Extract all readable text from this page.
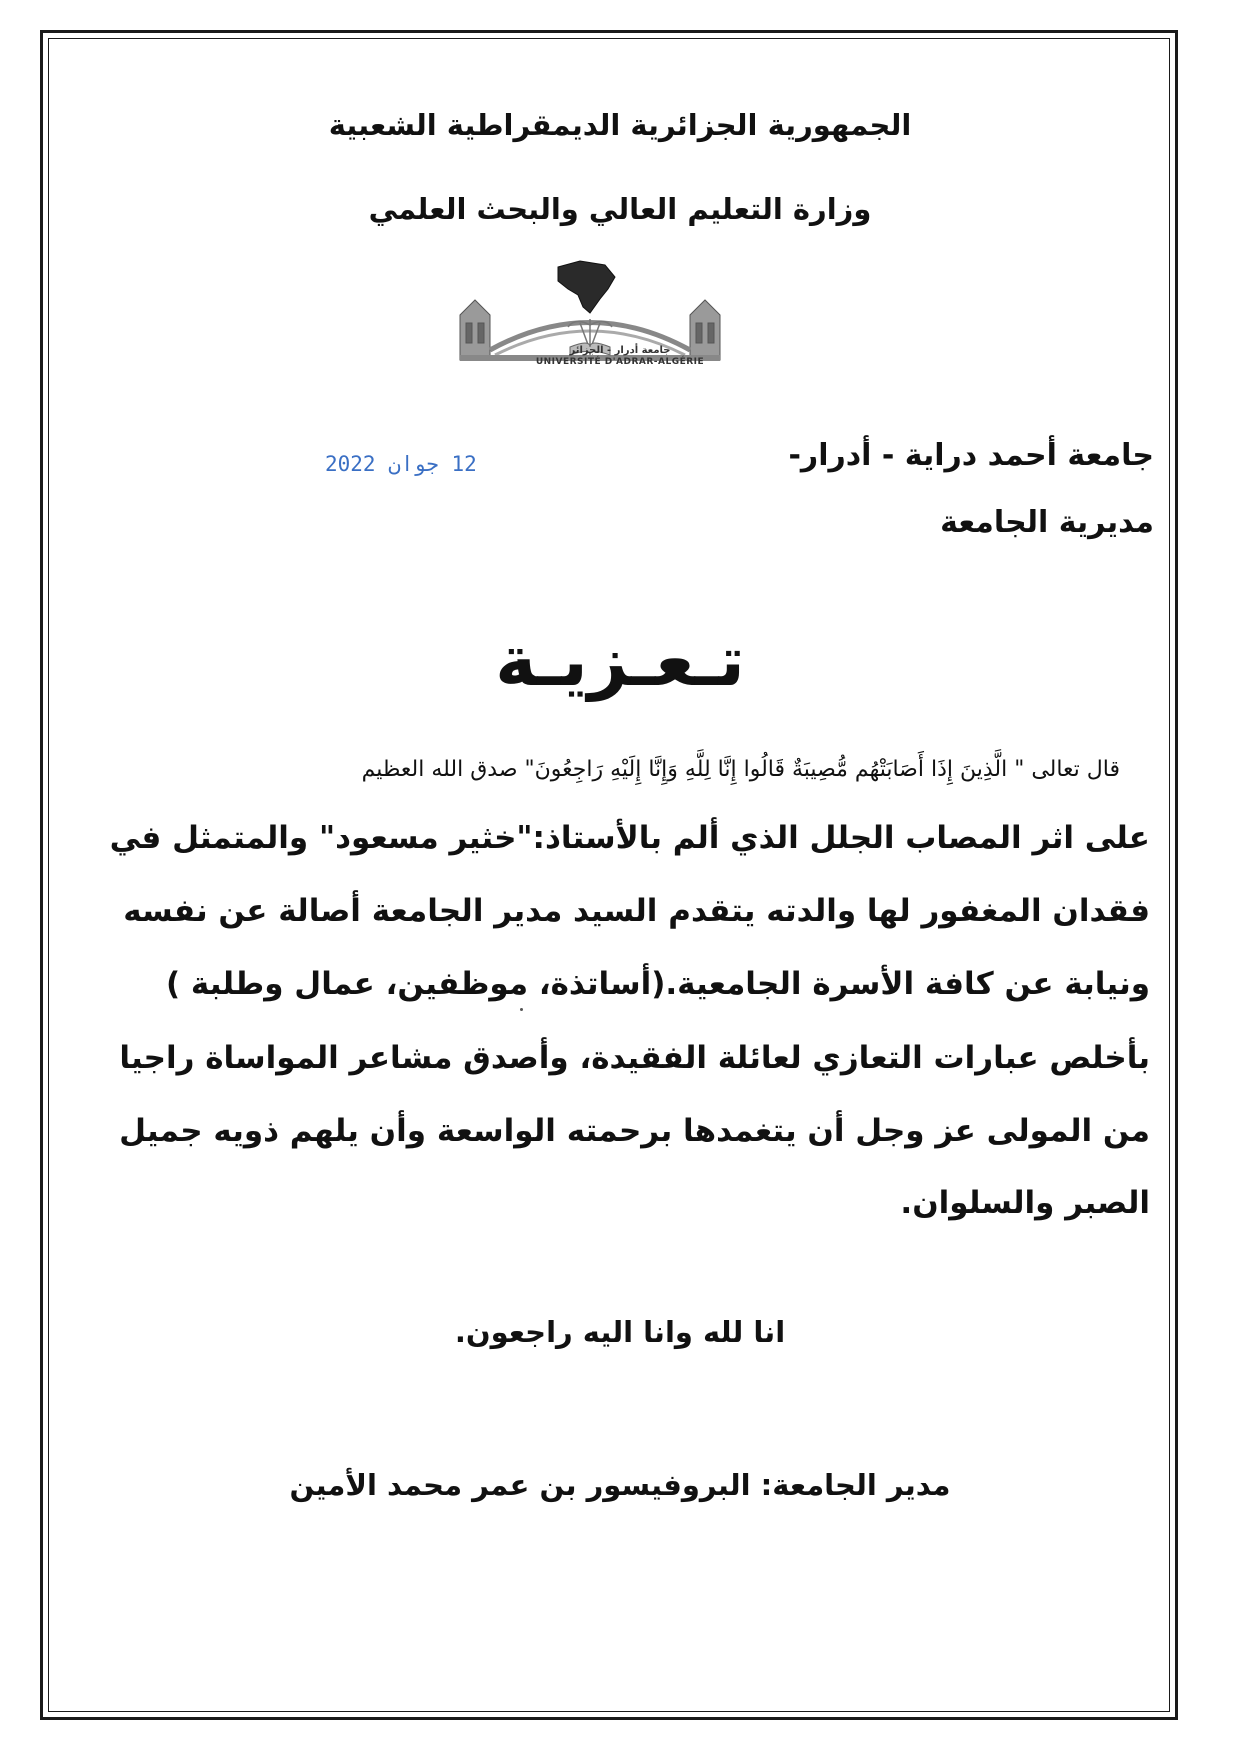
الجمهورية الجزائرية الديمقراطية الشعبية
وزارة التعليم العالي والبحث العلمي
جامعة أدرار - الجزائر
UNIVERSITÉ D'ADRAR-ALGÉRIE
12 جوان 2022	جامعة أحمد دراية - أدرار-
مديرية الجامعة
تـعـزيـة
قال تعالى " الَّذِينَ إِذَا أَصَابَتْهُم مُّصِيبَةٌ قَالُوا إِنَّا لِلَّهِ وَإِنَّا إِلَيْهِ رَاجِعُونَ" صدق الله العظيم
على اثر المصاب الجلل الذي ألم بالأستاذ:"خثير مسعود" والمتمثل في
فقدان المغفور لها والدته يتقدم السيد مدير الجامعة أصالة عن نفسه
ونيابة عن كافة الأسرة الجامعية.(أساتذة، موظفين، عمال وطلبة )
بأخلص عبارات التعازي لعائلة الفقيدة، وأصدق مشاعر المواساة راجيا
من المولى عز وجل أن يتغمدها برحمته الواسعة وأن يلهم ذويه جميل
الصبر والسلوان.
انا لله وانا اليه راجعون.
مدير الجامعة: البروفيسور بن عمر محمد الأمين
